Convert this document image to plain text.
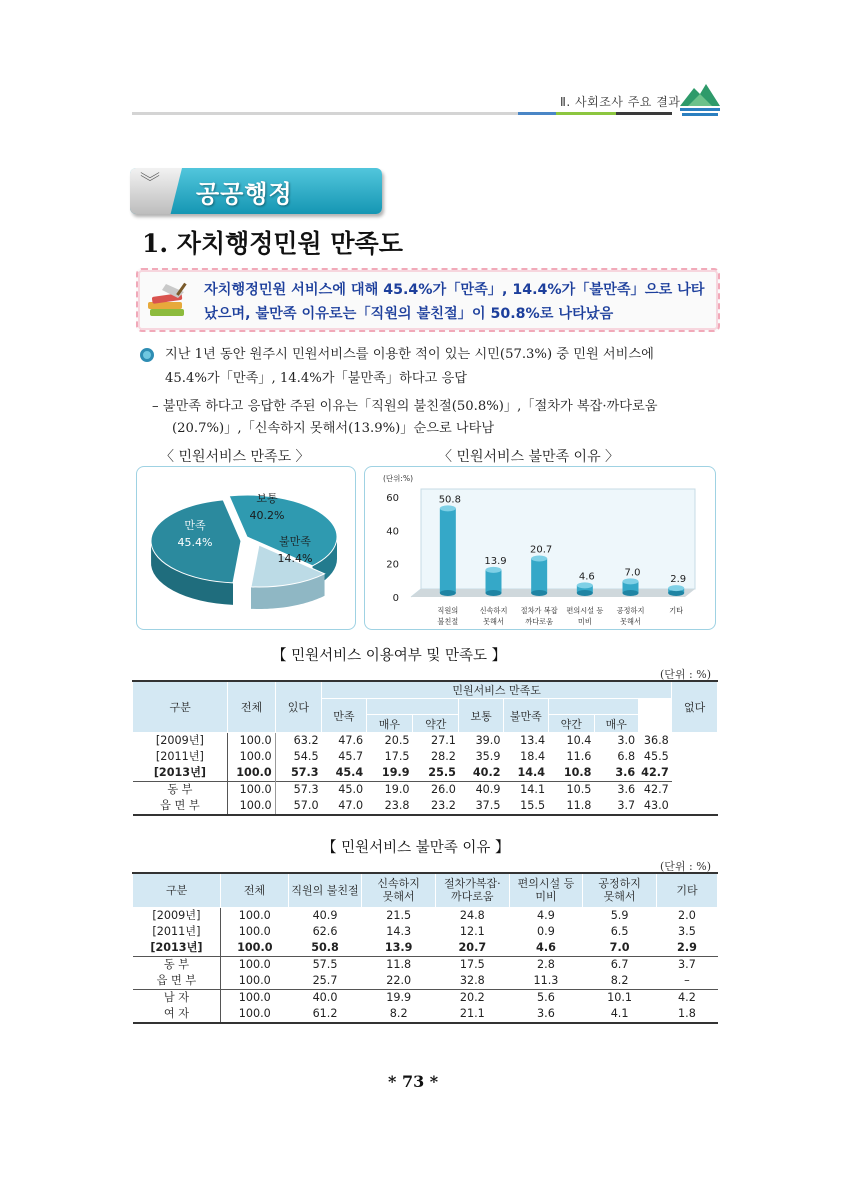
Ⅱ. 사회조사 주요 결과
︾ 공공행정
1. 자치행정민원 만족도
자치행정민원 서비스에 대해 45.4%가「만족」, 14.4%가「불만족」으로 나타
났으며, 불만족 이유로는「직원의 불친절」이 50.8%로 나타났음
지난 1년 동안 원주시 민원서비스를 이용한 적이 있는 시민(57.3%) 중 민원 서비스에
45.4%가「만족」, 14.4%가「불만족」하다고 응답
– 불만족 하다고 응답한 주된 이유는「직원의 불친절(50.8%)」,「절차가 복잡·까다로움
(20.7%)」,「신속하지 못해서(13.9%)」순으로 나타남
〈 민원서비스 만족도 〉	〈 민원서비스 불만족 이유 〉
만족
45.4%
보통
40.2%
불만족
14.4%
(단위:%)
0
20
40
60	50.8
직원의
불친절
13.9
신속하지
못해서
20.7
절차가 복잡
까다로움
4.6
편의시설 등
미비
7.0
공정하지
못해서
2.9
기타
【 민원서비스 이용여부 및 만족도 】
(단위 : %)
구분	전체	있다	민원서비스 만족도								없다
			만족			보통	불만족				
				매우	약간			약간	매우		
[2009년]	100.0	63.2	47.6	20.5	27.1	39.0	13.4	10.4	3.0	36.8	
[2011년]	100.0	54.5	45.7	17.5	28.2	35.9	18.4	11.6	6.8	45.5	
[2013년]	100.0	57.3	45.4	19.9	25.5	40.2	14.4	10.8	3.6	42.7	
동 부	100.0	57.3	45.0	19.0	26.0	40.9	14.1	10.5	3.6	42.7	
읍 면 부	100.0	57.0	47.0	23.8	23.2	37.5	15.5	11.8	3.7	43.0	
【 민원서비스 불만족 이유 】
(단위 : %)
구분	전체	직원의 불친절	신속하지
못해서	절차가복잡·
까다로움	편의시설 등
미비	공정하지
못해서	기타
[2009년]	100.0	40.9	21.5	24.8	4.9	5.9	2.0
[2011년]	100.0	62.6	14.3	12.1	0.9	6.5	3.5
[2013년]	100.0	50.8	13.9	20.7	4.6	7.0	2.9
동 부	100.0	57.5	11.8	17.5	2.8	6.7	3.7
읍 면 부	100.0	25.7	22.0	32.8	11.3	8.2	–
남 자	100.0	40.0	19.9	20.2	5.6	10.1	4.2
여 자	100.0	61.2	8.2	21.1	3.6	4.1	1.8
* 73 *
